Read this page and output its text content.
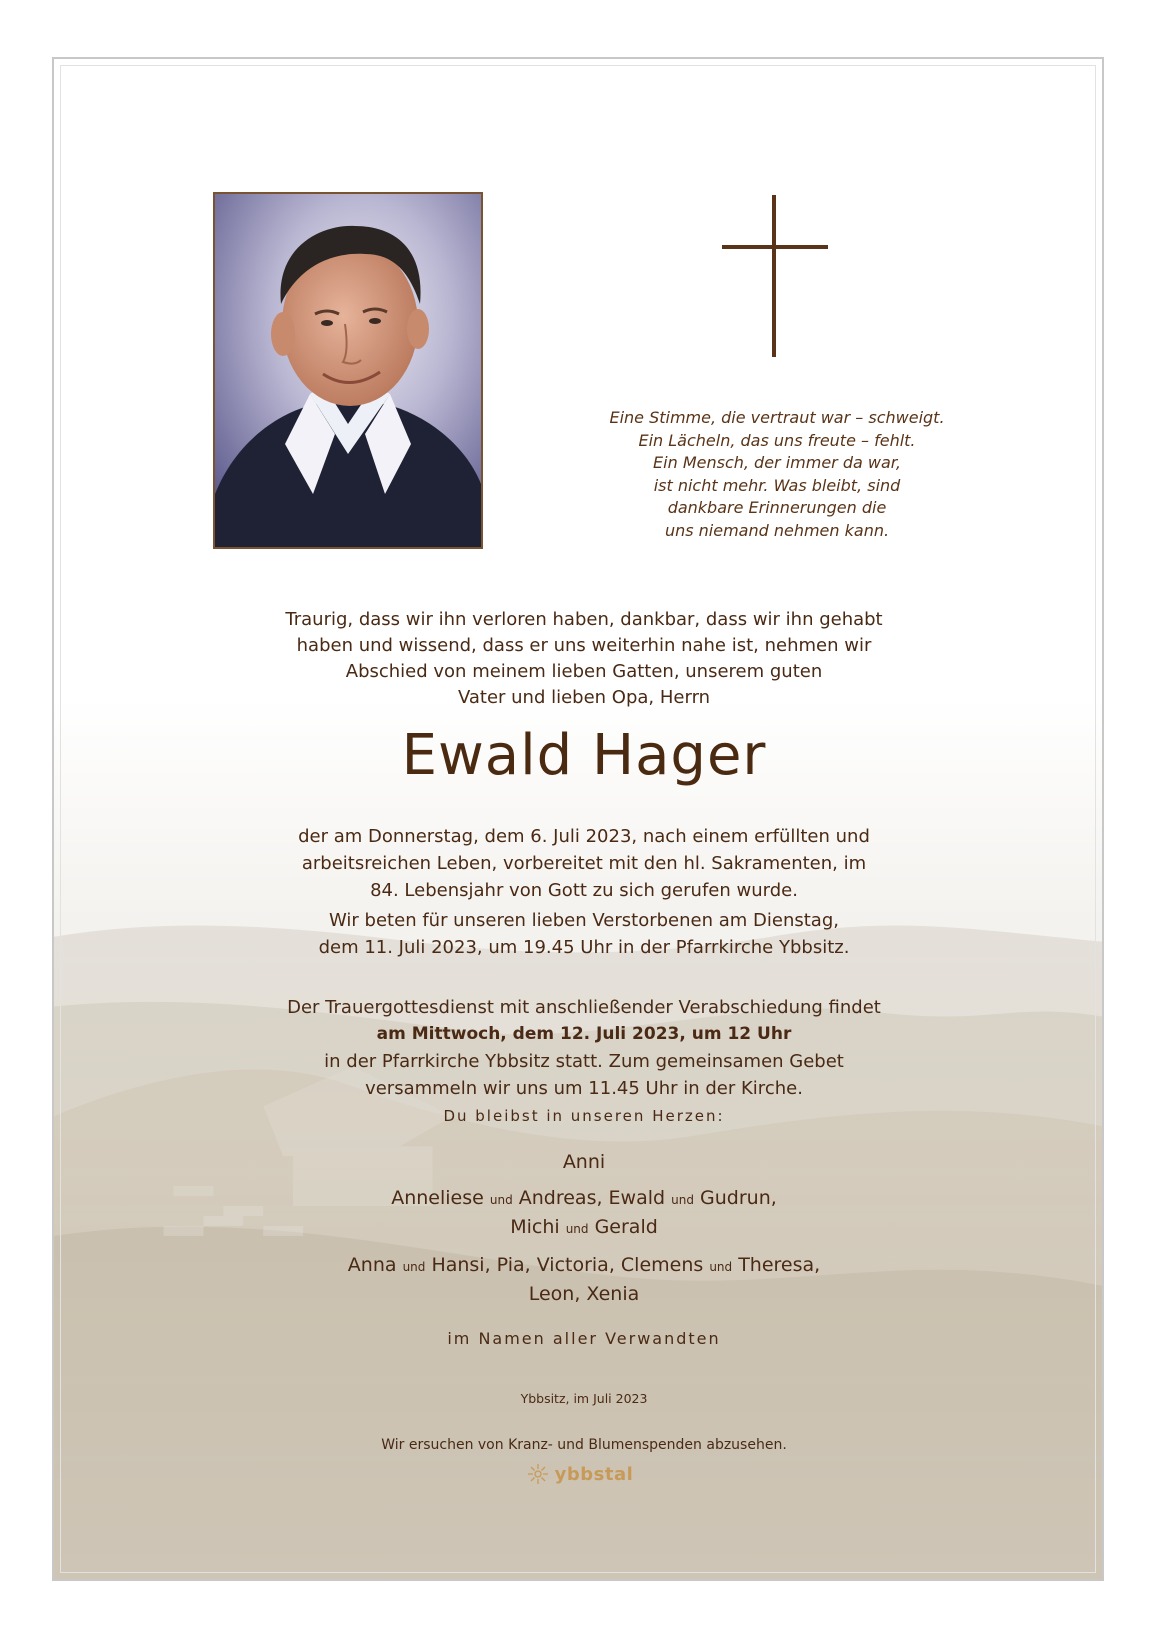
Eine Stimme, die vertraut war – schweigt.
Ein Lächeln, das uns freute – fehlt.
Ein Mensch, der immer da war,
ist nicht mehr. Was bleibt, sind
dankbare Erinnerungen die
uns niemand nehmen kann.
Traurig, dass wir ihn verloren haben, dankbar, dass wir ihn gehabt
haben und wissend, dass er uns weiterhin nahe ist, nehmen wir
Abschied von meinem lieben Gatten, unserem guten
Vater und lieben Opa, Herrn
Ewald Hager
der am Donnerstag, dem 6. Juli 2023, nach einem erfüllten und
arbeitsreichen Leben, vorbereitet mit den hl. Sakramenten, im
84. Lebensjahr von Gott zu sich gerufen wurde.
Wir beten für unseren lieben Verstorbenen am Dienstag,
dem 11. Juli 2023, um 19.45 Uhr in der Pfarrkirche Ybbsitz.
Der Trauergottesdienst mit anschließender Verabschiedung findet
am Mittwoch, dem 12. Juli 2023, um 12 Uhr
in der Pfarrkirche Ybbsitz statt. Zum gemeinsamen Gebet
versammeln wir uns um 11.45 Uhr in der Kirche.
Du bleibst in unseren Herzen:
Anni
Anneliese und Andreas, Ewald und Gudrun,
Michi und Gerald
Anna und Hansi, Pia, Victoria, Clemens und Theresa,
Leon, Xenia
im Namen aller Verwandten
Ybbsitz, im Juli 2023
Wir ersuchen von Kranz- und Blumenspenden abzusehen.
ybbstal
